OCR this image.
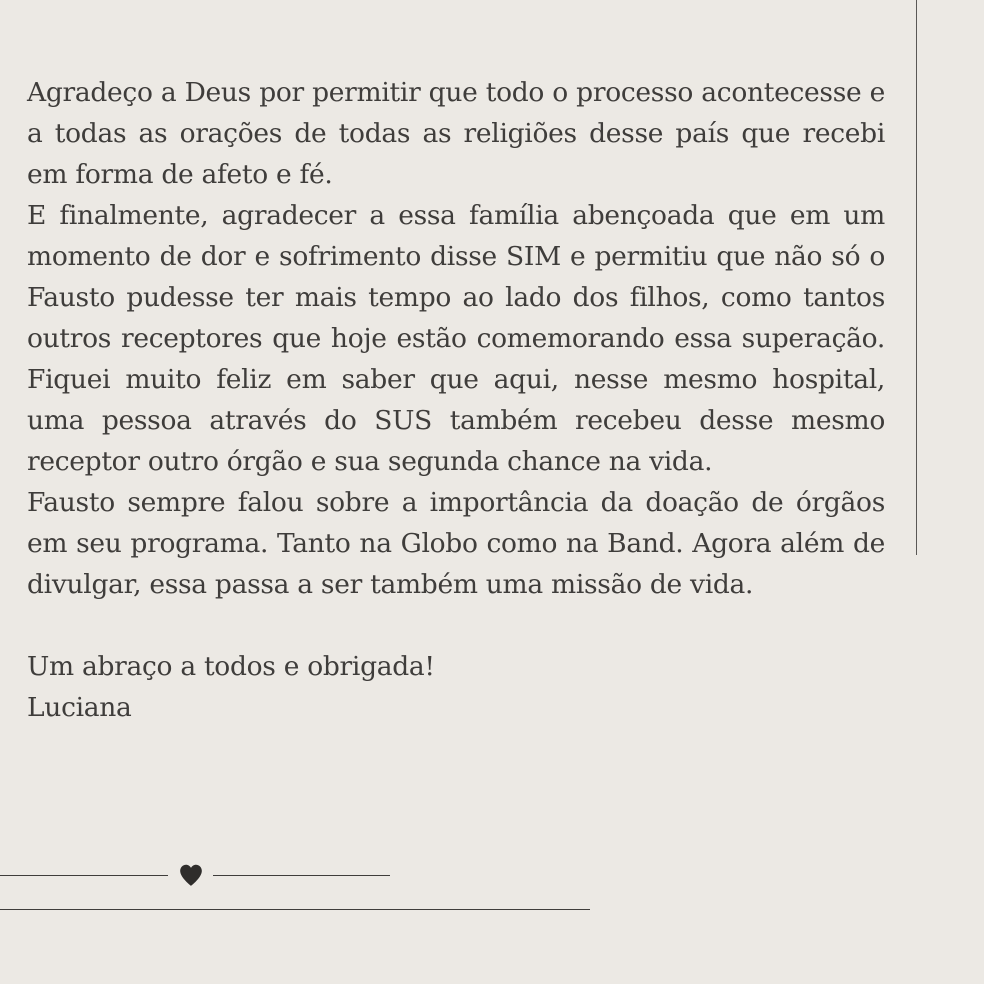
Agradeço a Deus por permitir que todo o processo acontecesse e a todas as orações de todas as religiões desse país que recebi em forma de afeto e fé.

E finalmente, agradecer a essa família abençoada que em um momento de dor e sofrimento disse SIM e permitiu que não só o Fausto pudesse ter mais tempo ao lado dos filhos, como tantos outros receptores que hoje estão comemorando essa superação. Fiquei muito feliz em saber que aqui, nesse mesmo hospital, uma pessoa através do SUS também recebeu desse mesmo receptor outro órgão e sua segunda chance na vida.

Fausto sempre falou sobre a importância da doação de órgãos em seu programa. Tanto na Globo como na Band. Agora além de divulgar, essa passa a ser também uma missão de vida.

Um abraço a todos e obrigada!

Luciana
